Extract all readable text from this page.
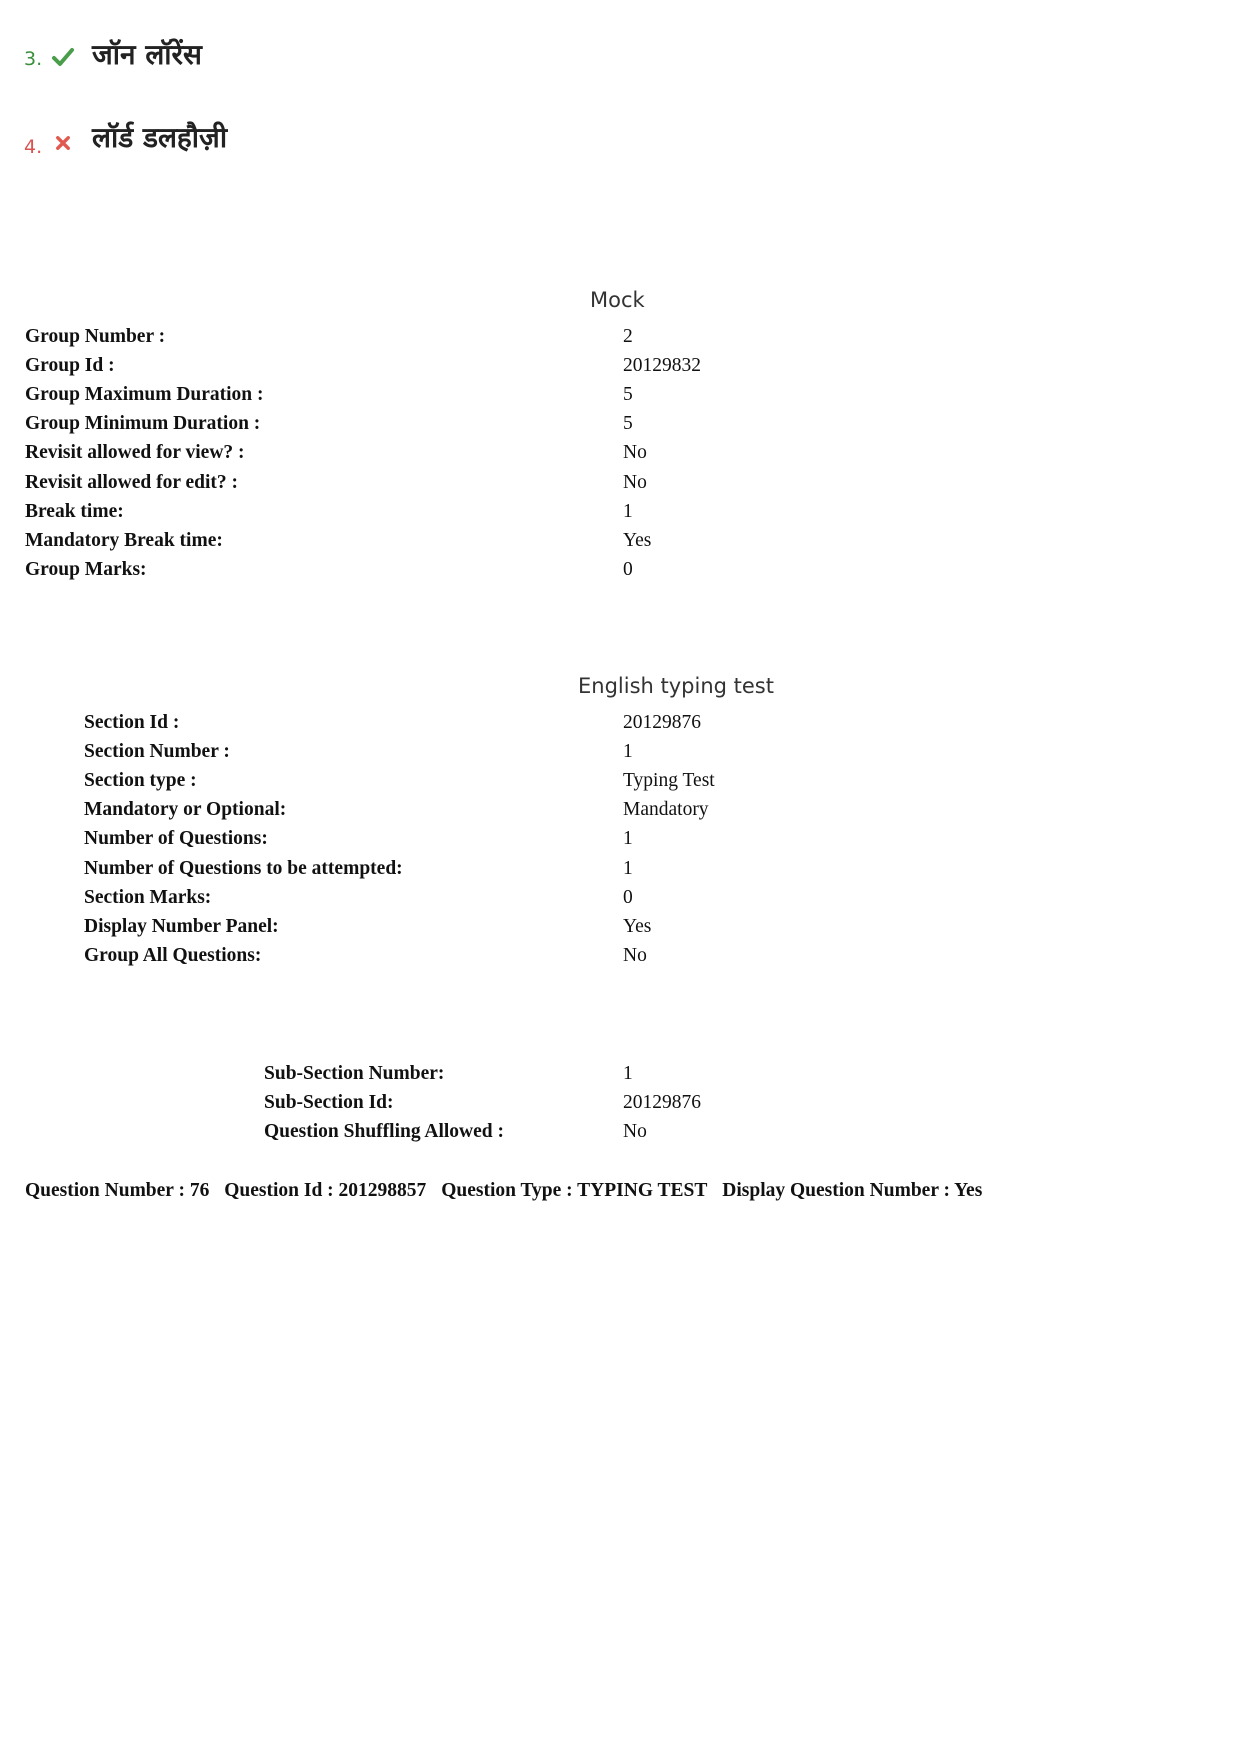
3. जॉन लॉरेंस
4. लॉर्ड डलहौज़ी
Mock
Group Number :	2
Group Id :	20129832
Group Maximum Duration :	5
Group Minimum Duration :	5
Revisit allowed for view? :	No
Revisit allowed for edit? :	No
Break time:	1
Mandatory Break time:	Yes
Group Marks:	0
English typing test
Section Id :	20129876
Section Number :	1
Section type :	Typing Test
Mandatory or Optional:	Mandatory
Number of Questions:	1
Number of Questions to be attempted:	1
Section Marks:	0
Display Number Panel:	Yes
Group All Questions:	No
Sub-Section Number:	1
Sub-Section Id:	20129876
Question Shuffling Allowed :	No
Question Number : 76 Question Id : 201298857 Question Type : TYPING TEST Display Question Number : Yes
